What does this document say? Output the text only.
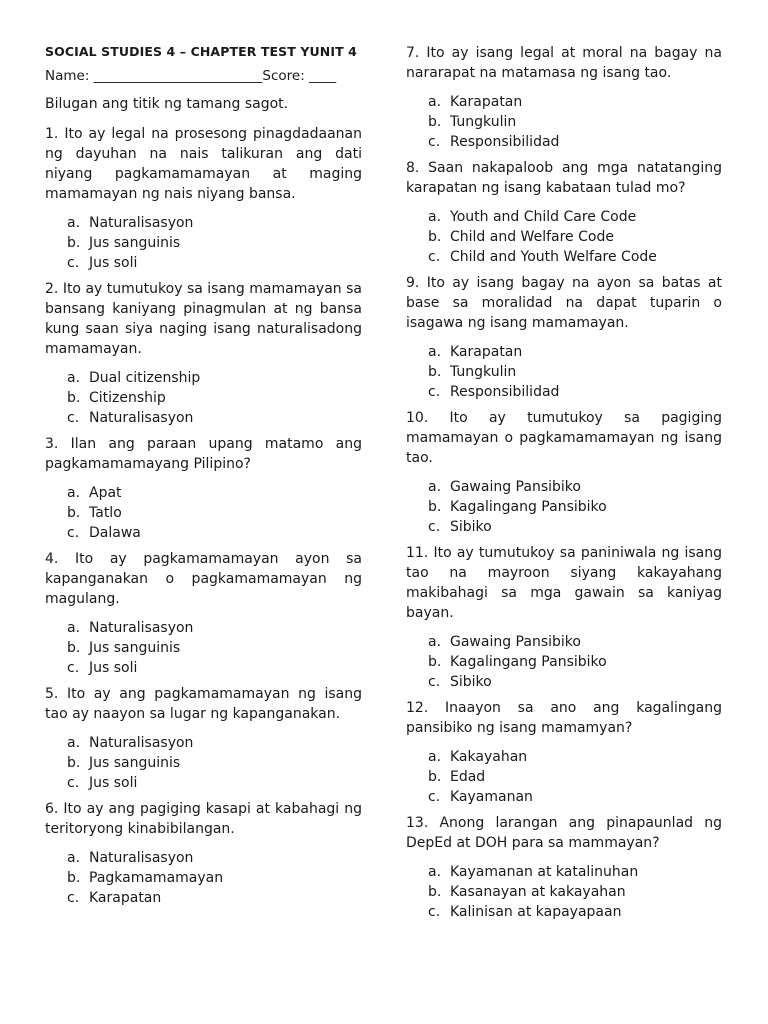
SOCIAL STUDIES 4 – CHAPTER TEST YUNIT 4
Name: _________________________Score: ____
Bilugan ang titik ng tamang sagot.
1. Ito ay legal na prosesong pinagdadaanan ng dayuhan na nais talikuran ang dati niyang pagkamamamayan at maging mamamayan ng nais niyang bansa.
a. Naturalisasyon
b. Jus sanguinis
c. Jus soli
2. Ito ay tumutukoy sa isang mamamayan sa bansang kaniyang pinagmulan at ng bansa kung saan siya naging isang naturalisadong mamamayan.
a. Dual citizenship
b. Citizenship
c. Naturalisasyon
3. Ilan ang paraan upang matamo ang pagkamamamayang Pilipino?
a. Apat
b. Tatlo
c. Dalawa
4. Ito ay pagkamamamayan ayon sa kapanganakan o pagkamamamayan ng magulang.
a. Naturalisasyon
b. Jus sanguinis
c. Jus soli
5. Ito ay ang pagkamamamayan ng isang tao ay naayon sa lugar ng kapanganakan.
a. Naturalisasyon
b. Jus sanguinis
c. Jus soli
6. Ito ay ang pagiging kasapi at kabahagi ng teritoryong kinabibilangan.
a. Naturalisasyon
b. Pagkamamamayan
c. Karapatan
7. Ito ay isang legal at moral na bagay na nararapat na matamasa ng isang tao.
a. Karapatan
b. Tungkulin
c. Responsibilidad
8. Saan nakapaloob ang mga natatanging karapatan ng isang kabataan tulad mo?
a. Youth and Child Care Code
b. Child and Welfare Code
c. Child and Youth Welfare Code
9. Ito ay isang bagay na ayon sa batas at base sa moralidad na dapat tuparin o isagawa ng isang mamamayan.
a. Karapatan
b. Tungkulin
c. Responsibilidad
10. Ito ay tumutukoy sa pagiging mamamayan o pagkamamamayan ng isang tao.
a. Gawaing Pansibiko
b. Kagalingang Pansibiko
c. Sibiko
11. Ito ay tumutukoy sa paniniwala ng isang tao na mayroon siyang kakayahang makibahagi sa mga gawain sa kaniyag bayan.
a. Gawaing Pansibiko
b. Kagalingang Pansibiko
c. Sibiko
12. Inaayon sa ano ang kagalingang pansibiko ng isang mamamyan?
a. Kakayahan
b. Edad
c. Kayamanan
13. Anong larangan ang pinapaunlad ng DepEd at DOH para sa mammayan?
a. Kayamanan at katalinuhan
b. Kasanayan at kakayahan
c. Kalinisan at kapayapaan
